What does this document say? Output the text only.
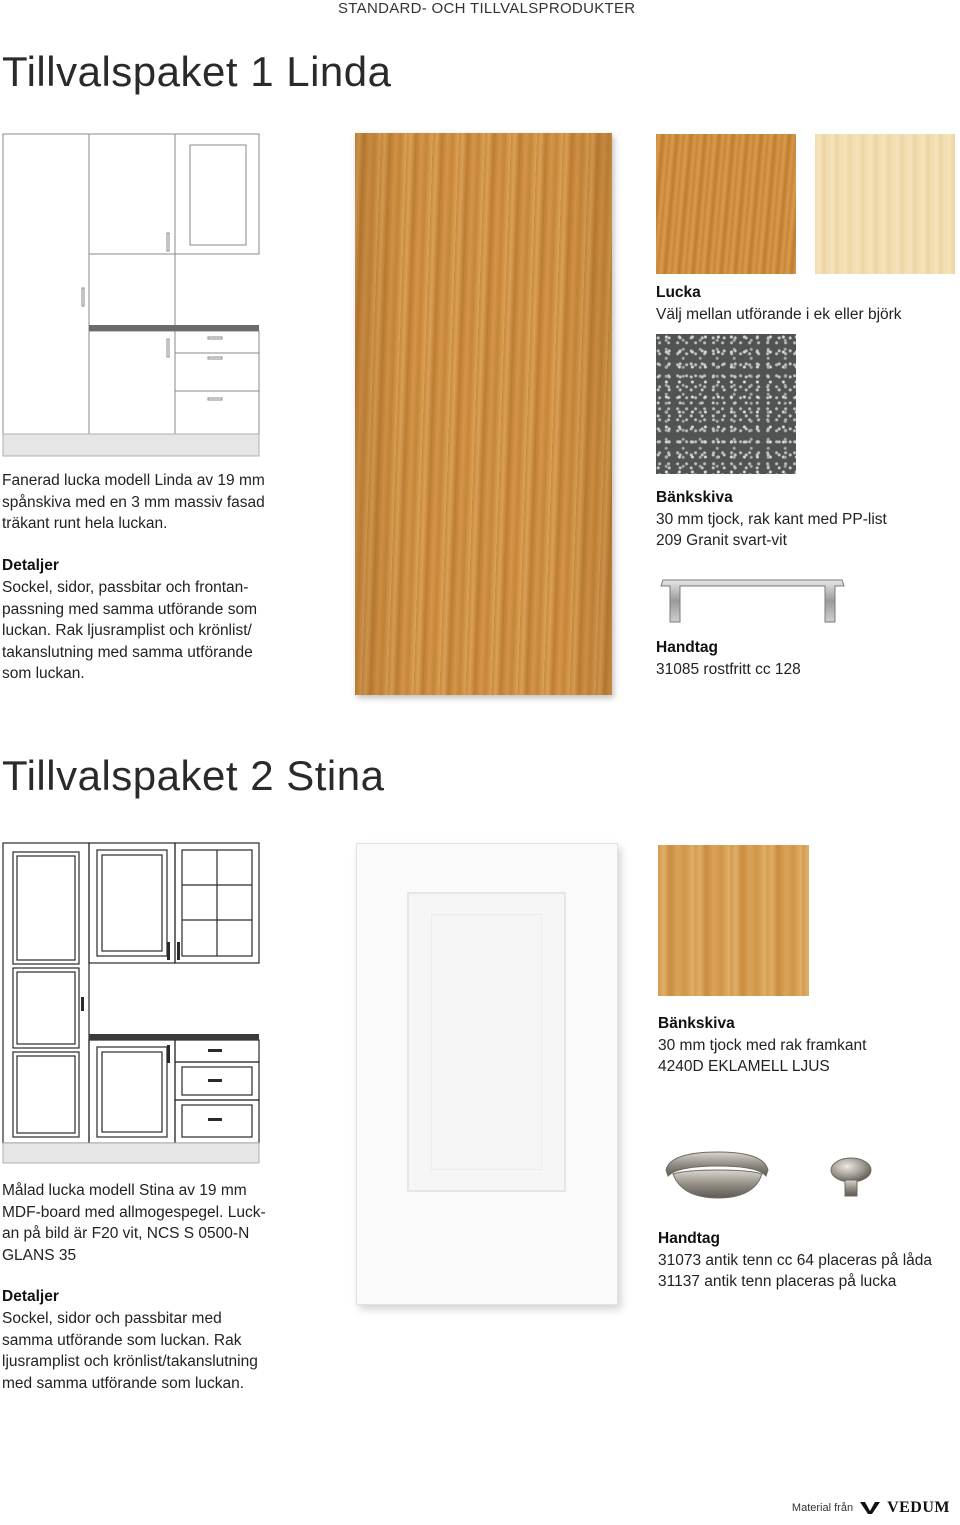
STANDARD- OCH TILLVALSPRODUKTER
Tillvalspaket 1 Linda
Fanerad lucka modell Linda av 19 mm
spånskiva med en 3 mm massiv fasad
träkant runt hela luckan.
Detaljer
Sockel, sidor, passbitar och frontan-
passning med samma utförande som
luckan. Rak ljusramplist och krönlist/
takanslutning med samma utförande
som luckan.
Lucka
Välj mellan utförande i ek eller björk
Bänkskiva
30 mm tjock, rak kant med PP-list
209 Granit svart-vit
Handtag
31085 rostfritt cc 128
Tillvalspaket 2 Stina
Målad lucka modell Stina av 19 mm
MDF-board med allmogespegel. Luck-
an på bild är F20 vit, NCS S 0500-N
GLANS 35
Detaljer
Sockel, sidor och passbitar med
samma utförande som luckan. Rak
ljusramplist och krönlist/takanslutning
med samma utförande som luckan.
Bänkskiva
30 mm tjock med rak framkant
4240D EKLAMELL LJUS
Handtag
31073 antik tenn cc 64 placeras på låda
31137 antik tenn placeras på lucka
Material från VEDUM
